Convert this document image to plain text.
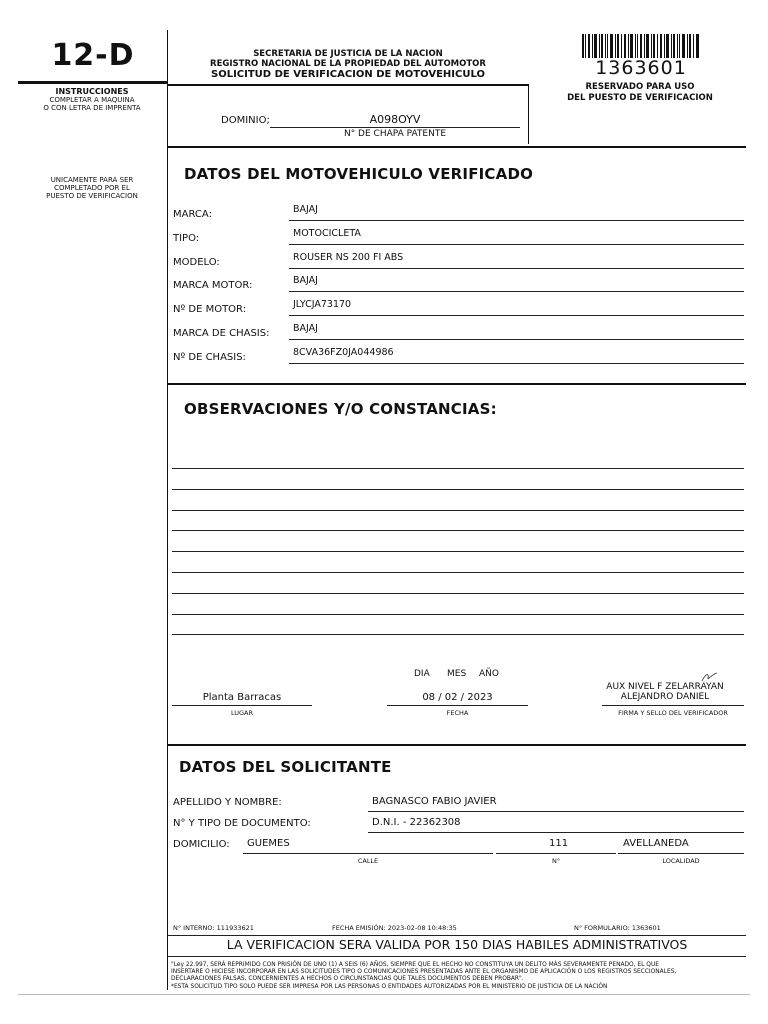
12-D
INSTRUCCIONES
COMPLETAR A MAQUINA
O CON LETRA DE IMPRENTA
UNICAMENTE PARA SER
COMPLETADO POR EL
PUESTO DE VERIFICACION
SECRETARIA DE JUSTICIA DE LA NACION
REGISTRO NACIONAL DE LA PROPIEDAD DEL AUTOMOTOR
SOLICITUD DE VERIFICACION DE MOTOVEHICULO	1363601
RESERVADO PARA USO
DEL PUESTO DE VERIFICACION
DOMINIO;	A098OYV
N° DE CHAPA PATENTE
DATOS DEL MOTOVEHICULO VERIFICADO
MARCA:	BAJAJ
TIPO:	MOTOCICLETA
MODELO:	ROUSER NS 200 FI ABS
MARCA MOTOR:	BAJAJ
Nº DE MOTOR:	JLYCJA73170
MARCA DE CHASIS: BAJAJ
Nº DE CHASIS:	8CVA36FZ0JA044986
OBSERVACIONES Y/O CONSTANCIAS:
DIA MES AÑO
Planta Barracas
LUGAR
08 / 02 / 2023
FECHA
AUX NIVEL F ZELARRAYAN
ALEJANDRO DANIEL
FIRMA Y SELLO DEL VERIFICADOR
DATOS DEL SOLICITANTE
APELLIDO Y NOMBRE:	BAGNASCO FABIO JAVIER
N° Y TIPO DE DOCUMENTO:	D.N.I. - 22362308
DOMICILIO: GUEMES	111	AVELLANEDA
CALLE	N°	LOCALIDAD
N° INTERNO: 111933621	FECHA EMISIÓN: 2023-02-08 10:48:35	N° FORMULARIO: 1363601
LA VERIFICACION SERA VALIDA POR 150 DIAS HABILES ADMINISTRATIVOS
"Ley 22.997, SERÁ REPRIMIDO CON PRISIÓN DE UNO (1) A SEIS (6) AÑOS, SIEMPRE QUE EL HECHO NO CONSTITUYA UN DELITO MÁS SEVERAMENTE PENADO, EL QUE
INSERTARE O HICIESE INCORPORAR EN LAS SOLICITUDES TIPO O COMUNICACIONES PRESENTADAS ANTE EL ORGANISMO DE APLICACIÓN O LOS REGISTROS SECCIONALES,
DECLARACIONES FALSAS, CONCERNIENTES A HECHOS O CIRCUNSTANCIAS QUE TALES DOCUMENTOS DEBEN PROBAR".
*ESTA SOLICITUD TIPO SOLO PUEDE SER IMPRESA POR LAS PERSONAS O ENTIDADES AUTORIZADAS POR EL MINISTERIO DE JUSTICIA DE LA NACIÓN
